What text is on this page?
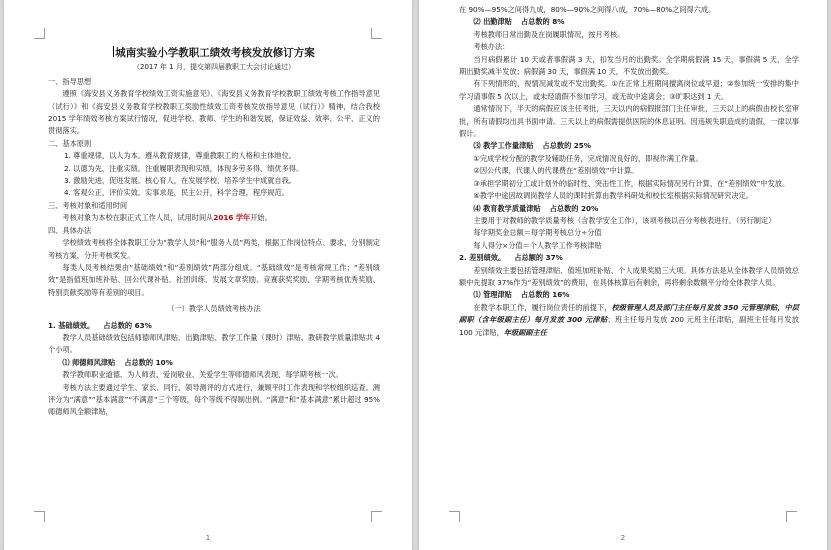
城南实验小学教职工绩效考核发放修订方案
（2017 年 1 月，提交第四届教职工大会讨论通过）
一、指导思想

遵照《海安县义务教育学校绩效工资实施意见》、《海安县义务教育学校教职工绩效考核工作指导意见（试行）》和《海安县义务教育学校教职工奖励性绩效工资考核发放指导意见（试行）》精神，结合我校 2015 学年绩效考核方案试行情况，促进学校、教师、学生的和谐发展，保证效益、效率、公平、正义的贯彻落实。

二、基本原则

1. 尊重规律，以人为本。遵从教育规律，尊重教职工的人格和主体地位。

2. 以德为先，注重实绩。注重履职表现和实绩，体现多劳多得、绩优多得。

3. 激励先进，促进发展。核心育人，在发展学校、培养学生中成就自我。

4. 客观公正，评价实效。实事求是，民主公开，科学合理，程序规范。

三、考核对象和适用时间

考核对象为本校在职正式工作人员，试用时间从2016 学年开始。

四、具体办法

学校绩效考核将全体教职工分为“教学人员”和“服务人员”两类，根据工作岗位特点、要求，分别制定考核方案，分开考核奖发。

每类人员考核结果由“基础绩效”和“差别绩效”两部分组成。“基础绩效”是考核常规工作；“差别绩效”是指值班加班补贴、回公代课补贴、社团训练、发展文章奖励、竞赛获奖奖励、学期考核优秀奖励、特别贡献奖励等有差别的项目。

（一）教学人员绩效考核办法

1. 基础绩效。 占总数的 63%

教学人员基础绩效包括师德师风津贴、出勤津贴、教学工作量（课时）津贴、教研教学质量津贴共 4 个小项。

⑴ 师德师风津贴 占总数的 10%

教学教师职业道德、为人师表、爱岗敬业、关爱学生等师德师风表现，每学期考核一次。

考核方法主要通过学生、家长、同行、领导测评的方式进行，兼顾平时工作表现和学校组织巡查。测评分为“满意”“基本满意”“不满意”三个等级，每个等级不得制出例。“满意”和“基本满意”累计超过 95%师德师风全额津贴，

1

在 90%—95%之间得九成，80%—90%之间得八成，70%—80%之间得六成。

⑵ 出勤津贴 占总数的 8%

考核教师日常出勤及在岗履职情况，按月考核。

考核办法：

当月病假累计 10 天或者事假满 3 天，扣发当月的出勤奖。全学期病假满 15 天，事假满 5 天，全学期出勤奖减半发放；病假满 30 天，事假满 10 天，不发放出勤奖。

有下列情形的，视情况减发或不发出勤奖。①在正常上班期间擅离岗位或早退；②参加统一安排的集中学习请事假 5 次以上，或未经请假不参加学习，或无故中途离会；③旷职达到 1 天。

通常情况下，半天的病假应该主任考批，三天以内的病假报部门主任审批，三天以上的病假由校长室审批，所有请假均出具书面申请。三天以上的病假需提供医院的休息证明。因违规失职造成的请假，一律以事假计。

⑶ 教学工作量津贴 占总数的 25%

①完成学校分配的教学及辅助任务，完成情况良好的，即视作满工作量。

②因公代课，代课人的代课费在“差别绩效”中计算。

③承担学期初分工或计划外的临时性、突击性工作，根据实际情况另行计算，在“差别绩效”中发放。

④教学中途因故调岗教学人员的课时折算由教学科研处和校长室根据实际情况研究决定。

⑷ 教育教学质量津贴 占总数的 20%

主要用于对教师的教学质量考核（含教学安全工作），该项考核以百分考核表进行。（另行制定）

每学期奖金总额＝每学期考核总分÷分值

每人得分×分值＝个人教学工作考核津贴

2. 差别绩效。 占总额的 37%

差别绩效主要包括管理津贴、值班加班补贴、个人成果奖励三大项。具体方法是从全体教学人员绩效总额中先提取 37%作为“差别绩效”的费用，在具体核算后有剩余，再将剩余数额平分给全体教学人员。

⑴ 管理津贴 占总数的 16%

在教学本职工作，履行岗位责任的前提下，校级管理人员及部门主任每月发放 350 元管理津贴，中层副职（含年级副主任）每月发放 300 元津贴；班主任每月发放 200 元班主任津贴，副班主任每月发放 100 元津贴，年级副副主任

2
